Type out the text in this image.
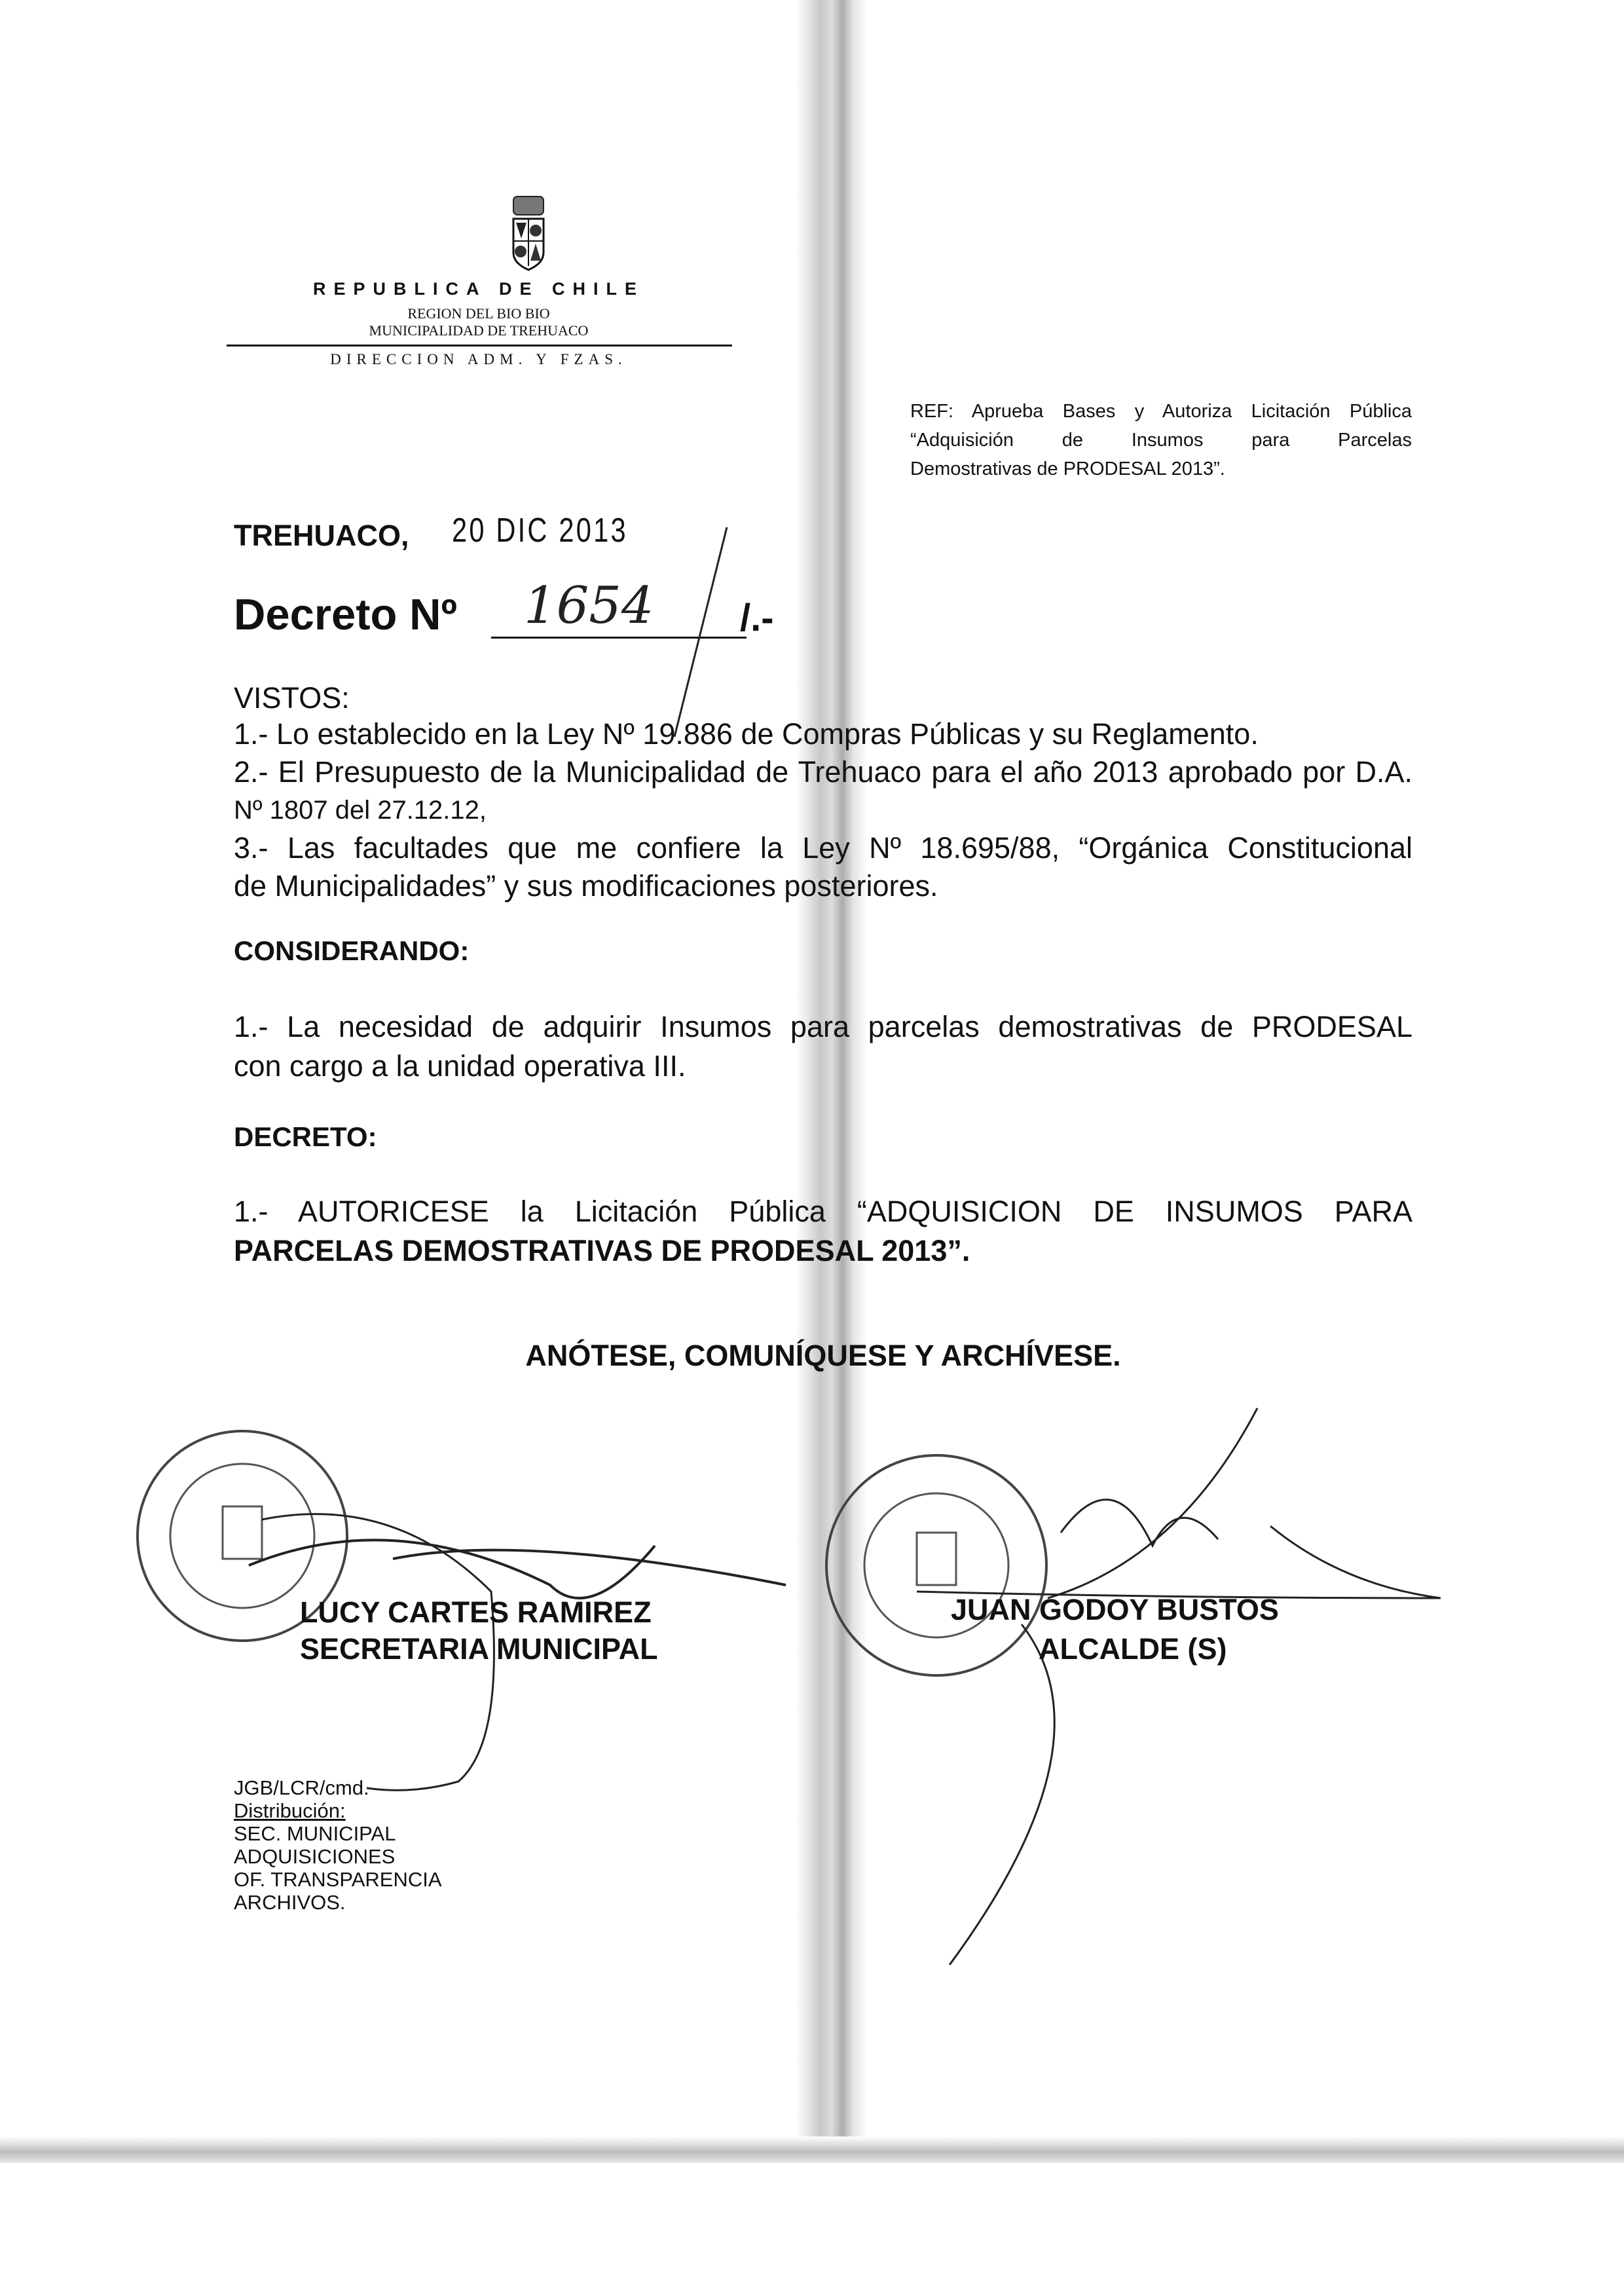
REPUBLICA DE CHILE
REGION DEL BIO BIO
MUNICIPALIDAD DE TREHUACO
DIRECCION ADM. Y FZAS.
REF: Aprueba Bases y Autoriza Licitación Pública
“Adquisición de Insumos para Parcelas
Demostrativas de PRODESAL 2013”.
TREHUACO, 20 DIC 2013
Decreto Nº 1654 /.-
VISTOS:
1.- Lo establecido en la Ley Nº 19.886 de Compras Públicas y su Reglamento.
2.- El Presupuesto de la Municipalidad de Trehuaco para el año 2013 aprobado por D.A.
Nº 1807 del 27.12.12,
3.- Las facultades que me confiere la Ley Nº 18.695/88, “Orgánica Constitucional
de Municipalidades” y sus modificaciones posteriores.
CONSIDERANDO:
1.- La necesidad de adquirir Insumos para parcelas demostrativas de PRODESAL
con cargo a la unidad operativa III.
DECRETO:
1.- AUTORICESE la Licitación Pública “ADQUISICION DE INSUMOS PARA
PARCELAS DEMOSTRATIVAS DE PRODESAL 2013”.
ANÓTESE, COMUNÍQUESE Y ARCHÍVESE.
LUCY CARTES RAMIREZ
SECRETARIA MUNICIPAL
JUAN GODOY BUSTOS
ALCALDE (S)
JGB/LCR/cmd.
Distribución:
SEC. MUNICIPAL
ADQUISICIONES
OF. TRANSPARENCIA
ARCHIVOS.
